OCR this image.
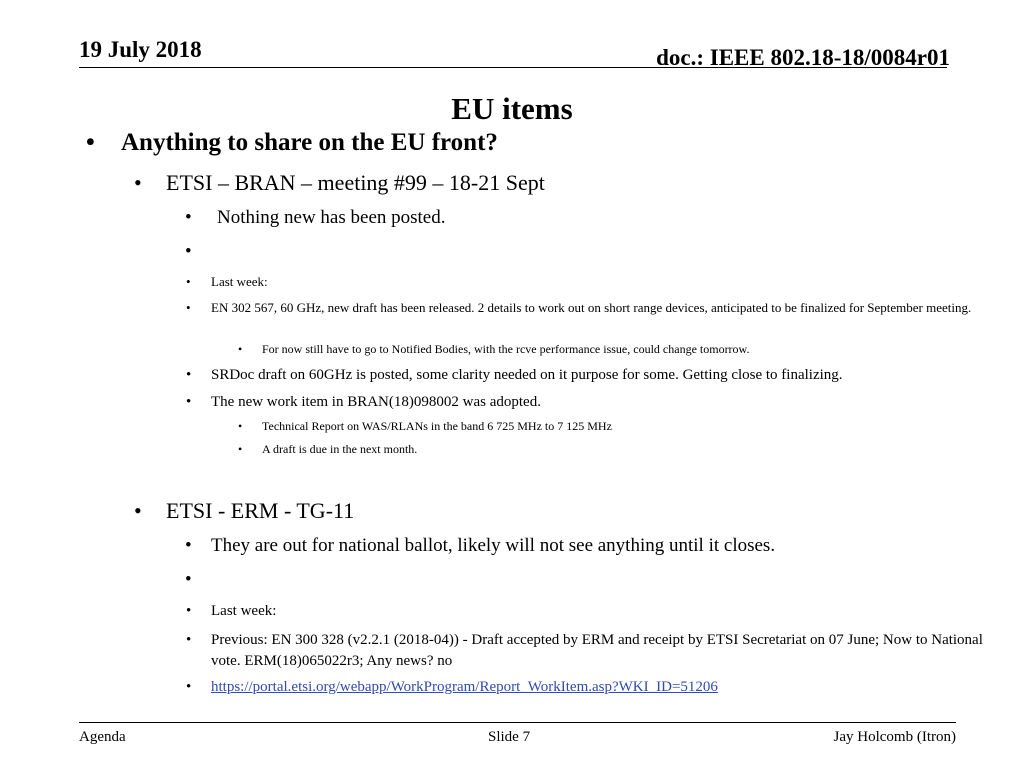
19 July 2018	doc.: IEEE 802.18-18/0084r01
EU items
• Anything to share on the EU front?
• ETSI – BRAN – meeting #99 – 18-21 Sept
• Nothing new has been posted.
•
• Last week:
• EN 302 567, 60 GHz, new draft has been released. 2 details to work out on short range devices, anticipated to be finalized for September meeting.
• For now still have to go to Notified Bodies, with the rcve performance issue, could change tomorrow.
• SRDoc draft on 60GHz is posted, some clarity needed on it purpose for some. Getting close to finalizing.
• The new work item in BRAN(18)098002 was adopted.
• Technical Report on WAS/RLANs in the band 6 725 MHz to 7 125 MHz
• A draft is due in the next month.
• ETSI - ERM - TG-11
• They are out for national ballot, likely will not see anything until it closes.
•
• Last week:
• Previous: EN 300 328 (v2.2.1 (2018-04)) - Draft accepted by ERM and receipt by ETSI Secretariat on 07 June; Now to National vote. ERM(18)065022r3; Any news? no
• https://portal.etsi.org/webapp/WorkProgram/Report_WorkItem.asp?WKI_ID=51206
Agenda	Slide 7	Jay Holcomb (Itron)
